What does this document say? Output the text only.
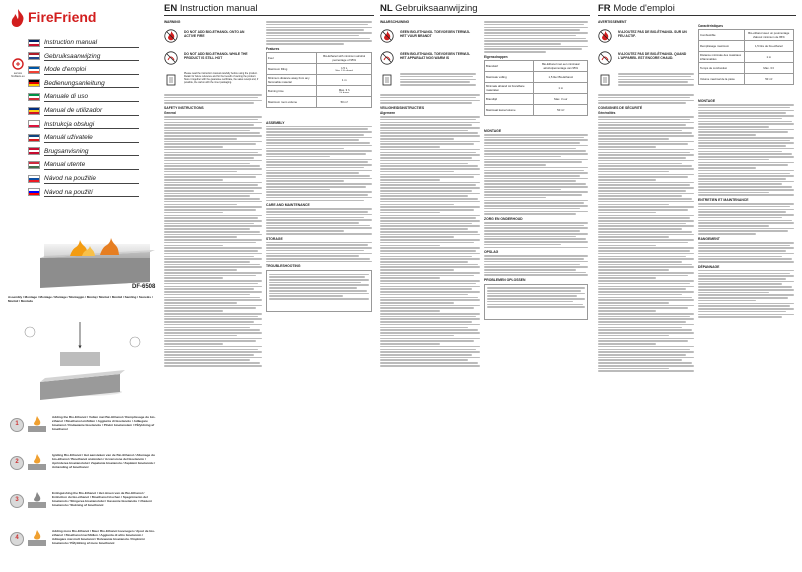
FireFriend
service fireblaze.eu
Instruction manual
Gebruiksaanwijzing
Mode d'emploi
Bedienungsanleitung
Manuale di uso
Manual de utilizador
Instrukcja obsługi
Manuál uživatele
Brugsanvisning
Manual utente
Návod na použitie
Návod na použití
DF-6508
Assembly / Montage / Montage / Montage / Montaggio / Montaj / Montaż / Montáž / Samling / Szerelés / Montáž / Montaža
1
Adding the Bio-Ethanol / Vullen met Bio-Ethanol / Remplissage du bio-éthanol / Bioethanol einfüllen / Aggiunta di bioetanolo / Adăugare bioetanol / Dodawanie bioetanolu / Plnění bioetanolem / Påfyldning af bioethanol
2
Igniting Bio-Ethanol / Het aansteken van de Bio-Ethanol / Allumage du bio-éthanol / Bioethanol anzünden / Accensione del bioetanolo / Aprinderea bioetanolului / Zapalanie bioetanolu / Zapálení bioetanolu / Antænding af bioethanol
3
Extinguishing the Bio-Ethanol / Het doven van de Bio-Ethanol / Extinction du bio-éthanol / Bioethanol löschen / Spegnimento del bioetanolo / Stingerea bioetanolului / Gaszenie bioetanolu / Uhašení bioetanolu / Slukning af bioethanol
4
Adding more Bio-Ethanol / Meer Bio-Ethanol toevoegen / Ajout de bio-éthanol / Bioethanol nachfüllen / Aggiunta di altro bioetanolo / Adăugare mai mult bioetanol / Dolewanie bioetanolu / Doplnění bioetanolu / Påfyldning af mere bioethanol
EN Instruction manual
WARNING
DO NOT ADD BIO-ETHANOL ONTO AN ACTIVE FIRE
DO NOT ADD BIO-ETHANOL WHILE THE PRODUCT IS STILL HOT
Please read the instruction manual carefully before using the product. Retain for future reference and for the benefit of owning the product. Store it together with the guarantee certificate, the sales receipt and, if possible, the carton with the inner packaging.
SAFETY INSTRUCTIONS
General
Features
Fuel	Bio-Ethanol with minimum alcohol percentage of 95%
Maximum filling	1.5 L
Max. 1.5L ethanol

Minimum distance away from any flammable material	1 m
Burning time	Max. 3 h
3 h burner

Maximum room volume	50 m³
ASSEMBLY
CARE AND MAINTENANCE
STORAGE
TROUBLESHOOTING
NL Gebruiksaanwijzing
WAARSCHUWING
GEEN BIO-ETHANOL TOEVOEGEN TERWIJL HET VUUR BRANDT
GEEN BIO-ETHANOL TOEVOEGEN TERWIJL HET APPARAAT NOG WARM IS
VEILIGHEIDSINSTRUCTIES
Algemeen
Eigenschappen
Brandstof	Bio-Ethanol met een minimaal alcoholpercentage van 95%
Maximale vulling	1,5 liter Bio-Ethanol
Minimale afstand tot brandbare materialen	1 m
Brandtijd	Max. 3 uur
Maximaal kamervolume	50 m³
MONTAGE
ZORG EN ONDERHOUD
OPSLAG
PROBLEMEN OPLOSSEN
FR Mode d'emploi
AVERTISSEMENT
N'AJOUTEZ PAS DE BIO-ÉTHANOL SUR UN FEU ACTIF.
N'AJOUTEZ PAS DE BIO-ÉTHANOL QUAND L'APPAREIL EST ENCORE CHAUD.
Caractéristiques
Combustible	Bio-éthanol avec un pourcentage d'alcool minimum de 95%
Remplissage maximum	1,5 litre de bio-éthanol
Distance minimale des matériaux inflammables	1 m
Temps de combustion	Max. 3 h
Volume maximal de la pièce	50 m³
CONSIGNES DE SÉCURITÉ
Généralités
MONTAGE
ENTRETIEN ET MAINTENANCE
RANGEMENT
DÉPANNAGE
